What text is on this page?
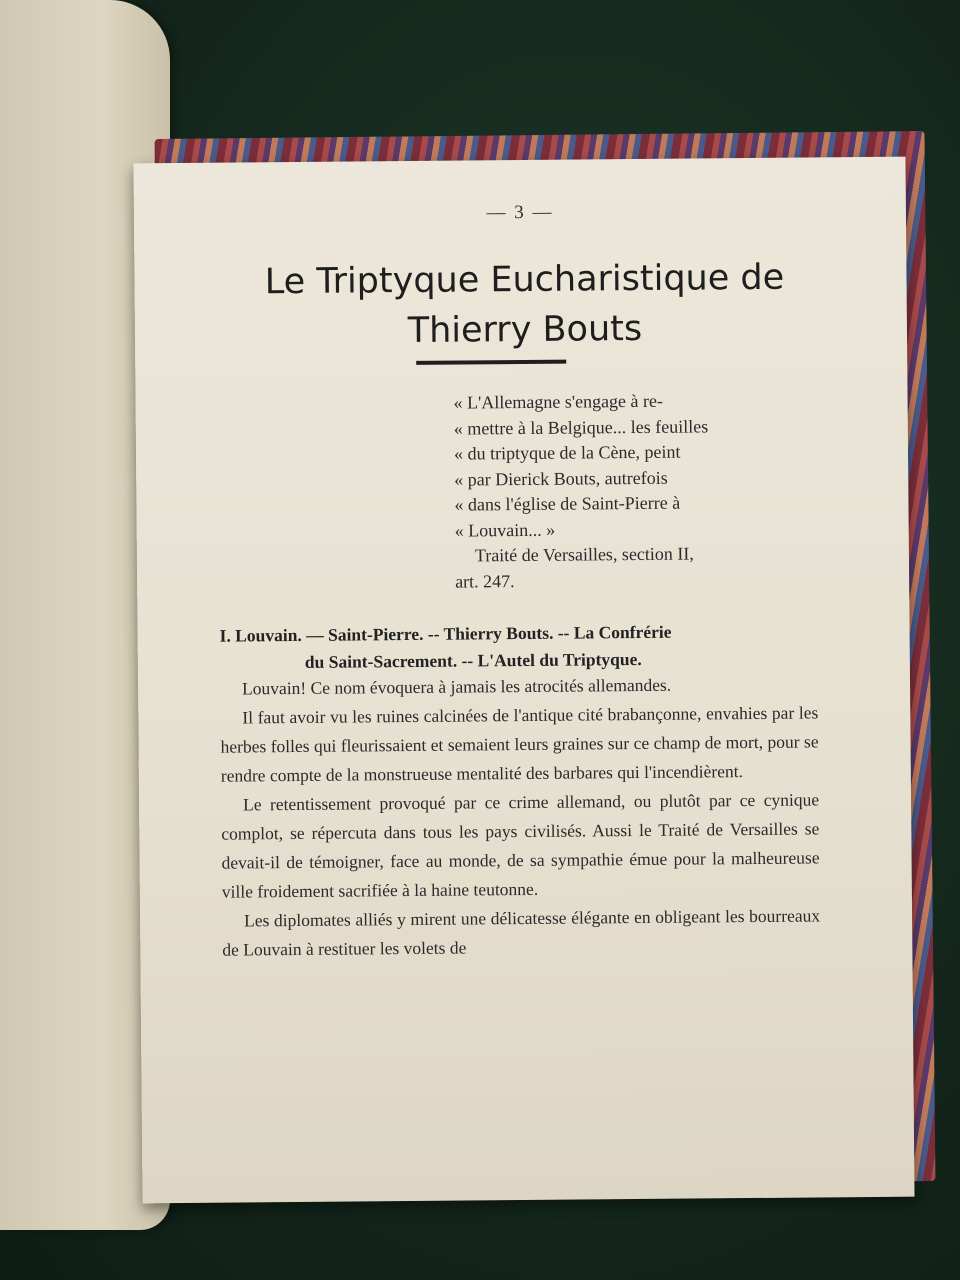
— 3 —
Le Triptyque Eucharistique de
Thierry Bouts
« L'Allemagne s'engage à re-
« mettre à la Belgique... les feuilles
« du triptyque de la Cène, peint
« par Dierick Bouts, autrefois
« dans l'église de Saint-Pierre à
« Louvain... »
Traité de Versailles, section II,
art. 247.
I. Louvain. — Saint-Pierre. -- Thierry Bouts. -- La Confrérie
du Saint-Sacrement. -- L'Autel du Triptyque.

Louvain! Ce nom évoquera à jamais les atrocités allemandes.

Il faut avoir vu les ruines calcinées de l'antique cité brabançonne, envahies par les herbes folles qui fleurissaient et semaient leurs graines sur ce champ de mort, pour se rendre compte de la monstrueuse mentalité des barbares qui l'incendièrent.

Le retentissement provoqué par ce crime allemand, ou plutôt par ce cynique complot, se répercuta dans tous les pays civilisés. Aussi le Traité de Versailles se devait-il de témoigner, face au monde, de sa sympathie émue pour la malheureuse ville froidement sacrifiée à la haine teutonne.

Les diplomates alliés y mirent une délicatesse élégante en obligeant les bourreaux de Louvain à restituer les volets de
